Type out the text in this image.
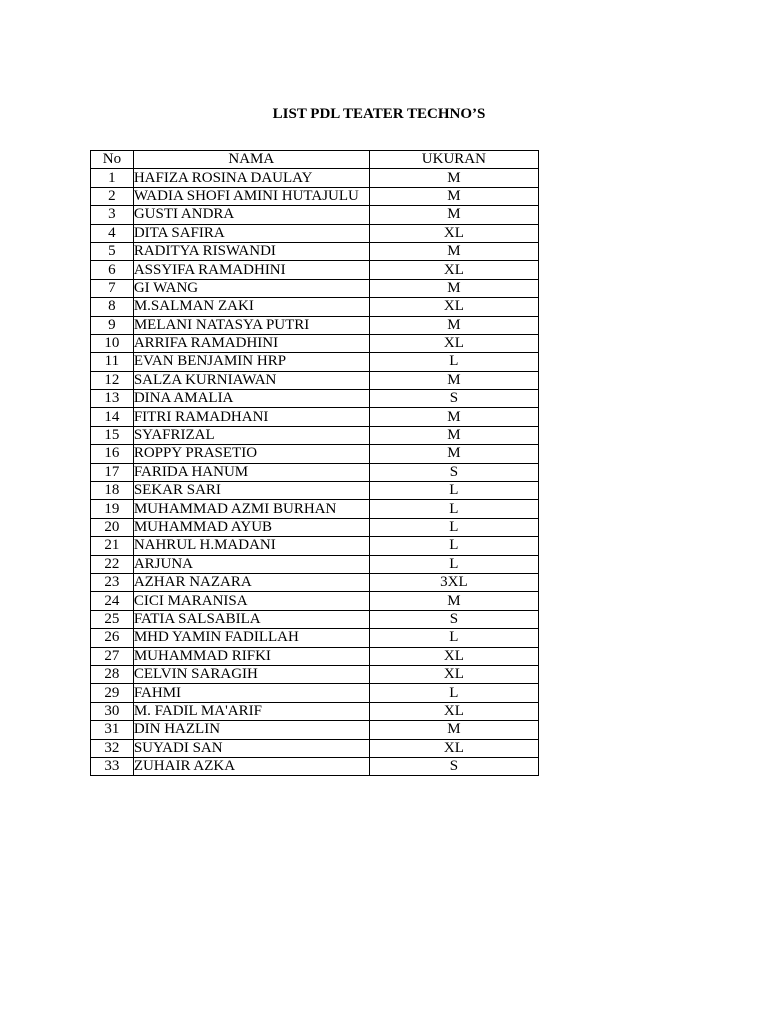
LIST PDL TEATER TECHNO’S
No	NAMA	UKURAN
1	HAFIZA ROSINA DAULAY	M
2	WADIA SHOFI AMINI HUTAJULU	M
3	GUSTI ANDRA	M
4	DITA SAFIRA	XL
5	RADITYA RISWANDI	M
6	ASSYIFA RAMADHINI	XL
7	GI WANG	M
8	M.SALMAN ZAKI	XL
9	MELANI NATASYA PUTRI	M
10	ARRIFA RAMADHINI	XL
11	EVAN BENJAMIN HRP	L
12	SALZA KURNIAWAN	M
13	DINA AMALIA	S
14	FITRI RAMADHANI	M
15	SYAFRIZAL	M
16	ROPPY PRASETIO	M
17	FARIDA HANUM	S
18	SEKAR SARI	L
19	MUHAMMAD AZMI BURHAN	L
20	MUHAMMAD AYUB	L
21	NAHRUL H.MADANI	L
22	ARJUNA	L
23	AZHAR NAZARA	3XL
24	CICI MARANISA	M
25	FATIA SALSABILA	S
26	MHD YAMIN FADILLAH	L
27	MUHAMMAD RIFKI	XL
28	CELVIN SARAGIH	XL
29	FAHMI	L
30	M. FADIL MA'ARIF	XL
31	DIN HAZLIN	M
32	SUYADI SAN	XL
33	ZUHAIR AZKA	S
